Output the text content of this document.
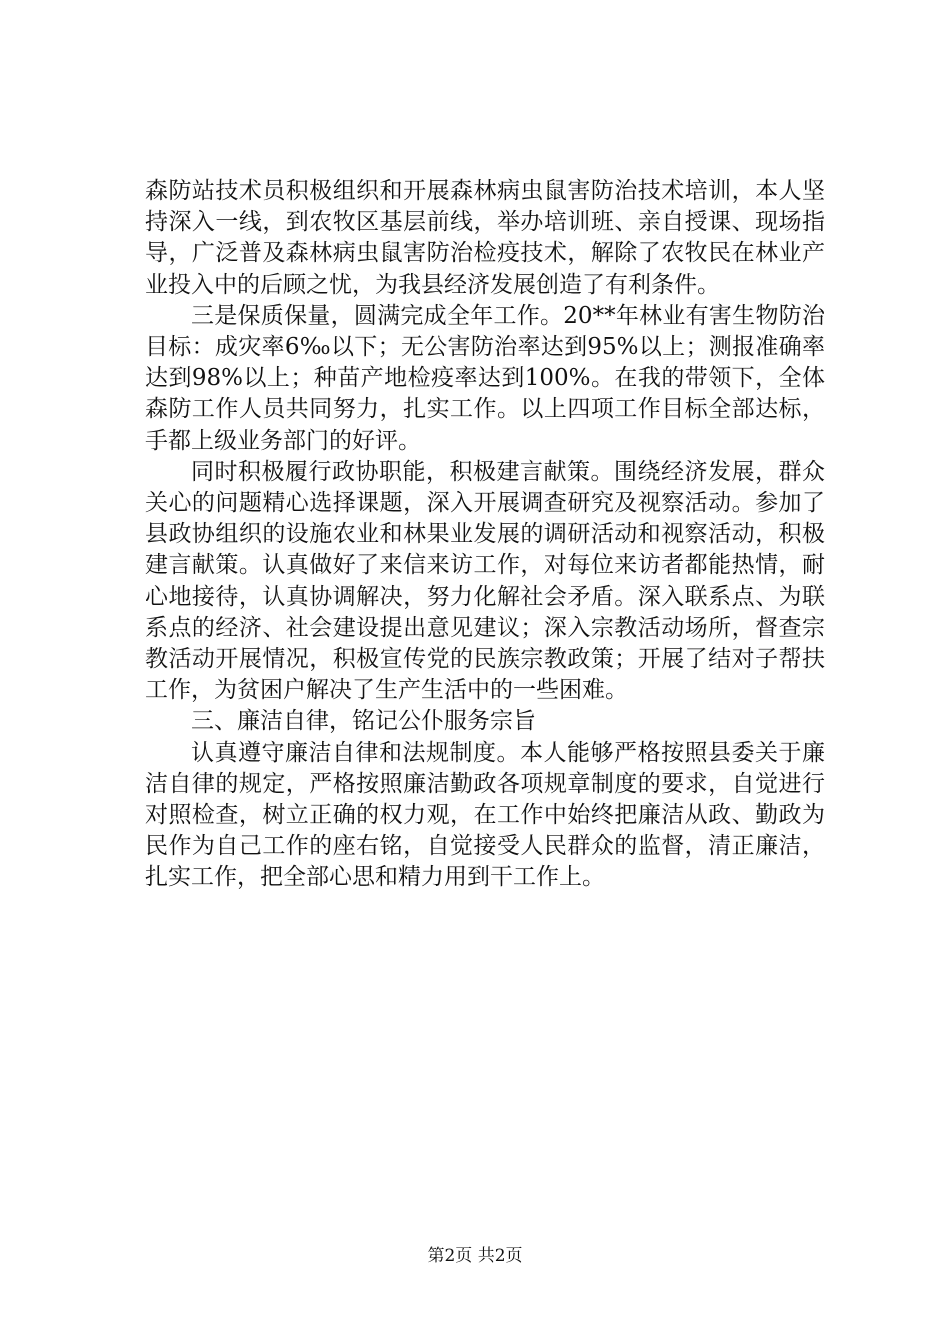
森防站技术员积极组织和开展森林病虫鼠害防治技术培训，本人坚持深入一线，到农牧区基层前线，举办培训班、亲自授课、现场指导，广泛普及森林病虫鼠害防治检疫技术，解除了农牧民在林业产业投入中的后顾之忧，为我县经济发展创造了有利条件。

三是保质保量，圆满完成全年工作。20**年林业有害生物防治目标：成灾率6‰以下；无公害防治率达到95%以上；测报准确率达到98%以上；种苗产地检疫率达到100%。在我的带领下，全体森防工作人员共同努力，扎实工作。以上四项工作目标全部达标，手都上级业务部门的好评。

同时积极履行政协职能，积极建言献策。围绕经济发展，群众关心的问题精心选择课题，深入开展调查研究及视察活动。参加了县政协组织的设施农业和林果业发展的调研活动和视察活动，积极建言献策。认真做好了来信来访工作，对每位来访者都能热情，耐心地接待，认真协调解决，努力化解社会矛盾。深入联系点、为联系点的经济、社会建设提出意见建议；深入宗教活动场所，督查宗教活动开展情况，积极宣传党的民族宗教政策；开展了结对子帮扶工作，为贫困户解决了生产生活中的一些困难。

三、廉洁自律，铭记公仆服务宗旨

认真遵守廉洁自律和法规制度。本人能够严格按照县委关于廉洁自律的规定，严格按照廉洁勤政各项规章制度的要求，自觉进行对照检查，树立正确的权力观，在工作中始终把廉洁从政、勤政为民作为自己工作的座右铭，自觉接受人民群众的监督，清正廉洁，扎实工作，把全部心思和精力用到干工作上。

第2页 共2页
